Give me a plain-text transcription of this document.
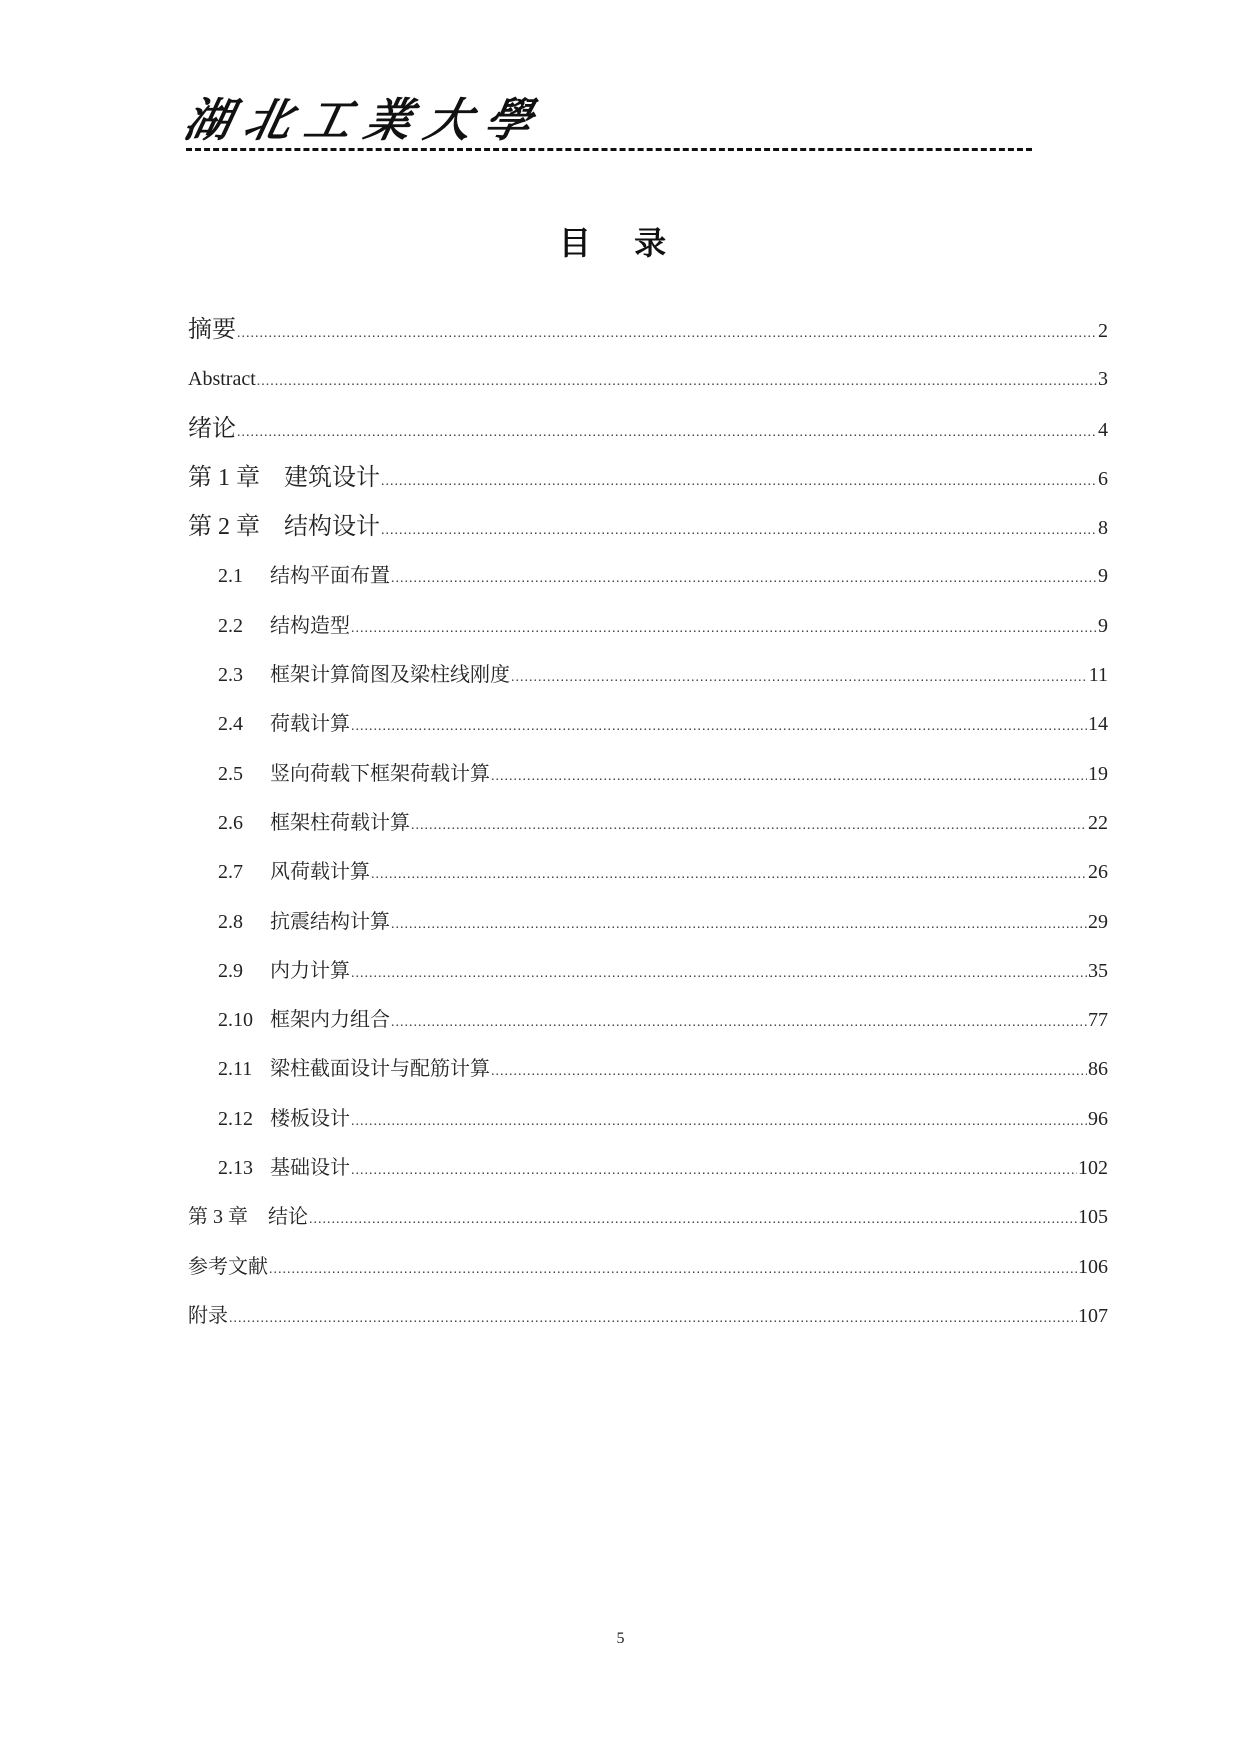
湖北工業大學
目 录
摘要 .....	2
Abstract .....	3
绪论 .....	4
第 1 章　建筑设计 .....	6
第 2 章　结构设计 .....	8
2.1	结构平面布置 .....	9
2.2	结构造型 .....	9
2.3	框架计算简图及梁柱线刚度 .....	11
2.4	荷载计算 .....	14
2.5	竖向荷载下框架荷载计算 .....	19
2.6	框架柱荷载计算 .....	22
2.7	风荷载计算 .....	26
2.8	抗震结构计算 .....	29
2.9	内力计算 .....	35
2.10 框架内力组合 .....	77
2.11 梁柱截面设计与配筋计算 .....	86
2.12 楼板设计 .....	96
2.13 基础设计 .....	102
第 3 章　结论 .....	105
参考文献 .....	106
附录 .....	107
5
